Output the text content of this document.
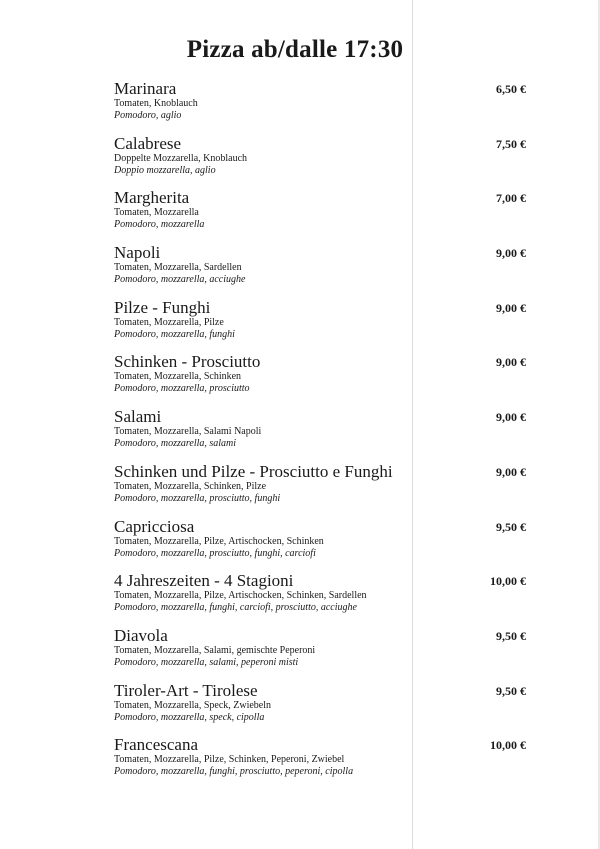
Pizza ab/dalle 17:30
Marinara
Tomaten, Knoblauch
Pomodoro, aglio
6,50 €
Calabrese
Doppelte Mozzarella, Knoblauch
Doppio mozzarella, aglio
7,50 €
Margherita
Tomaten, Mozzarella
Pomodoro, mozzarella
7,00 €
Napoli
Tomaten, Mozzarella, Sardellen
Pomodoro, mozzarella, acciughe
9,00 €
Pilze - Funghi
Tomaten, Mozzarella, Pilze
Pomodoro, mozzarella, funghi
9,00 €
Schinken - Prosciutto
Tomaten, Mozzarella, Schinken
Pomodoro, mozzarella, prosciutto
9,00 €
Salami
Tomaten, Mozzarella, Salami Napoli
Pomodoro, mozzarella, salami
9,00 €
Schinken und Pilze - Prosciutto e Funghi
Tomaten, Mozzarella, Schinken, Pilze
Pomodoro, mozzarella, prosciutto, funghi
9,00 €
Capricciosa
Tomaten, Mozzarella, Pilze, Artischocken, Schinken
Pomodoro, mozzarella, prosciutto, funghi, carciofi
9,50 €
4 Jahreszeiten - 4 Stagioni
Tomaten, Mozzarella, Pilze, Artischocken, Schinken, Sardellen
Pomodoro, mozzarella, funghi, carciofi, prosciutto, acciughe
10,00 €
Diavola
Tomaten, Mozzarella, Salami, gemischte Peperoni
Pomodoro, mozzarella, salami, peperoni misti
9,50 €
Tiroler-Art - Tirolese
Tomaten, Mozzarella, Speck, Zwiebeln
Pomodoro, mozzarella, speck, cipolla
9,50 €
Francescana
Tomaten, Mozzarella, Pilze, Schinken, Peperoni, Zwiebel
Pomodoro, mozzarella, funghi, prosciutto, peperoni, cipolla
10,00 €
